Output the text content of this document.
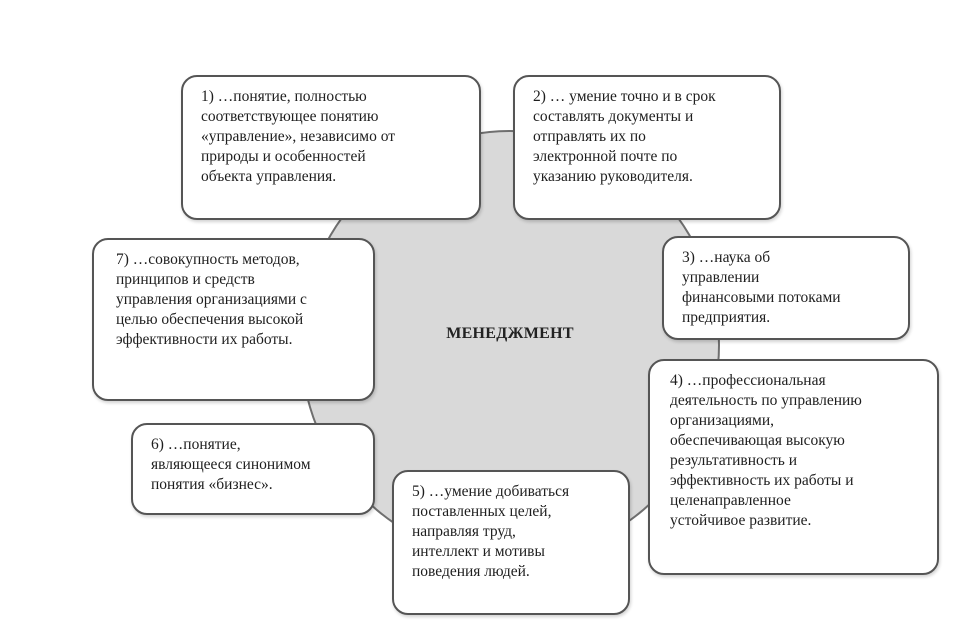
МЕНЕДЖМЕНТ
1) …понятие, полностью
соответствующее понятию
«управление», независимо от
природы и особенностей
объекта управления.
2) … умение точно и в срок
составлять документы и
отправлять их по
электронной почте по
указанию руководителя.
3) …наука об
управлении
финансовыми потоками
предприятия.
4) …профессиональная
деятельность по управлению
организациями,
обеспечивающая высокую
результативность и
эффективность их работы и
целенаправленное
устойчивое развитие.
5) …умение добиваться
поставленных целей,
направляя труд,
интеллект и мотивы
поведения людей.
6) …понятие,
являющееся синонимом
понятия «бизнес».
7) …совокупность методов,
принципов и средств
управления организациями с
целью обеспечения высокой
эффективности их работы.
